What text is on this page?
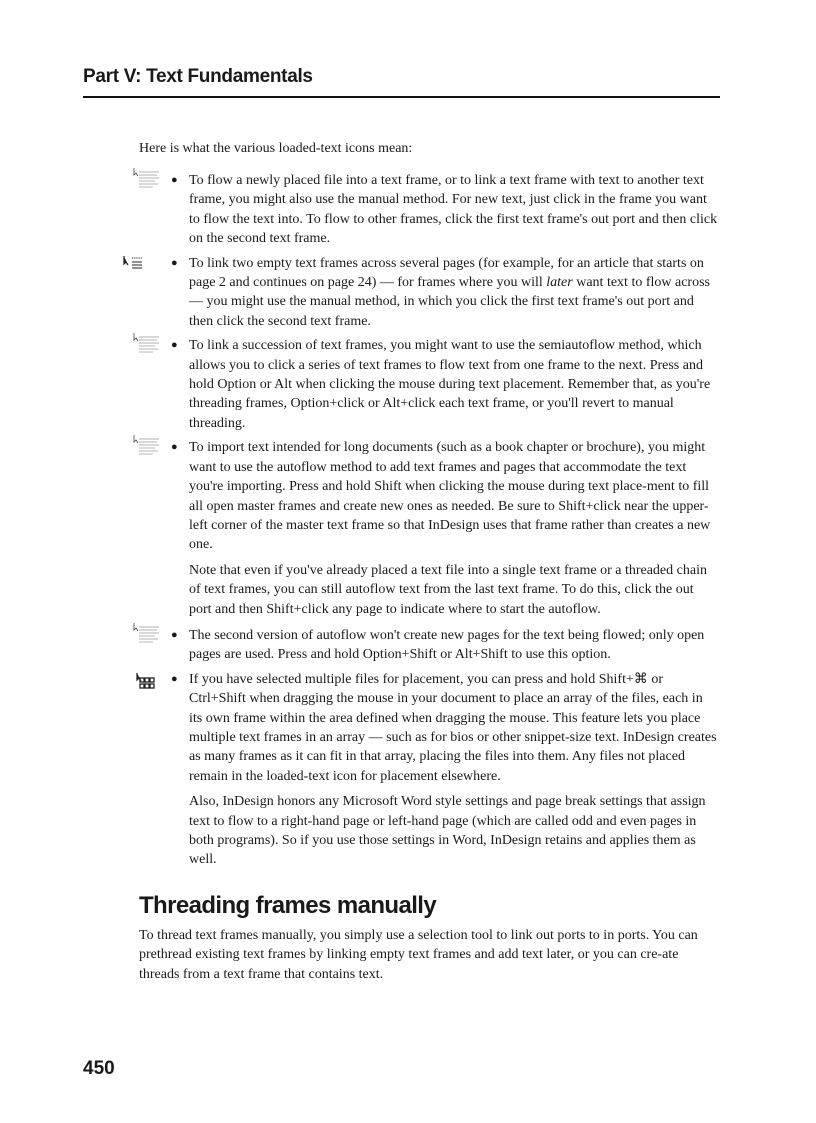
Part V: Text Fundamentals

Here is what the various loaded-text icons mean:

● To flow a newly placed file into a text frame, or to link a text frame with text to another text frame, you might also use the manual method. For new text, just click in the frame you want to flow the text into. To flow to other frames, click the first text frame's out port and then click on the second text frame.
● To link two empty text frames across several pages (for example, for an article that starts on page 2 and continues on page 24) — for frames where you will later want text to flow across — you might use the manual method, in which you click the first text frame's out port and then click the second text frame.
● To link a succession of text frames, you might want to use the semiautoflow method, which allows you to click a series of text frames to flow text from one frame to the next. Press and hold Option or Alt when clicking the mouse during text placement. Remember that, as you're threading frames, Option+click or Alt+click each text frame, or you'll revert to manual threading.
● To import text intended for long documents (such as a book chapter or brochure), you might want to use the autoflow method to add text frames and pages that accommodate the text you're importing. Press and hold Shift when clicking the mouse during text place-ment to fill all open master frames and create new ones as needed. Be sure to Shift+click near the upper-left corner of the master text frame so that InDesign uses that frame rather than creates a new one.

Note that even if you've already placed a text file into a single text frame or a threaded chain of text frames, you can still autoflow text from the last text frame. To do this, click the out port and then Shift+click any page to indicate where to start the autoflow.

● The second version of autoflow won't create new pages for the text being flowed; only open pages are used. Press and hold Option+Shift or Alt+Shift to use this option.
● If you have selected multiple files for placement, you can press and hold Shift+⌘ or Ctrl+Shift when dragging the mouse in your document to place an array of the files, each in its own frame within the area defined when dragging the mouse. This feature lets you place multiple text frames in an array — such as for bios or other snippet-size text. InDesign creates as many frames as it can fit in that array, placing the files into them. Any files not placed remain in the loaded-text icon for placement elsewhere.

Also, InDesign honors any Microsoft Word style settings and page break settings that assign text to flow to a right-hand page or left-hand page (which are called odd and even pages in both programs). So if you use those settings in Word, InDesign retains and applies them as well.

Threading frames manually

To thread text frames manually, you simply use a selection tool to link out ports to in ports. You can prethread existing text frames by linking empty text frames and add text later, or you can cre-ate threads from a text frame that contains text.

450
